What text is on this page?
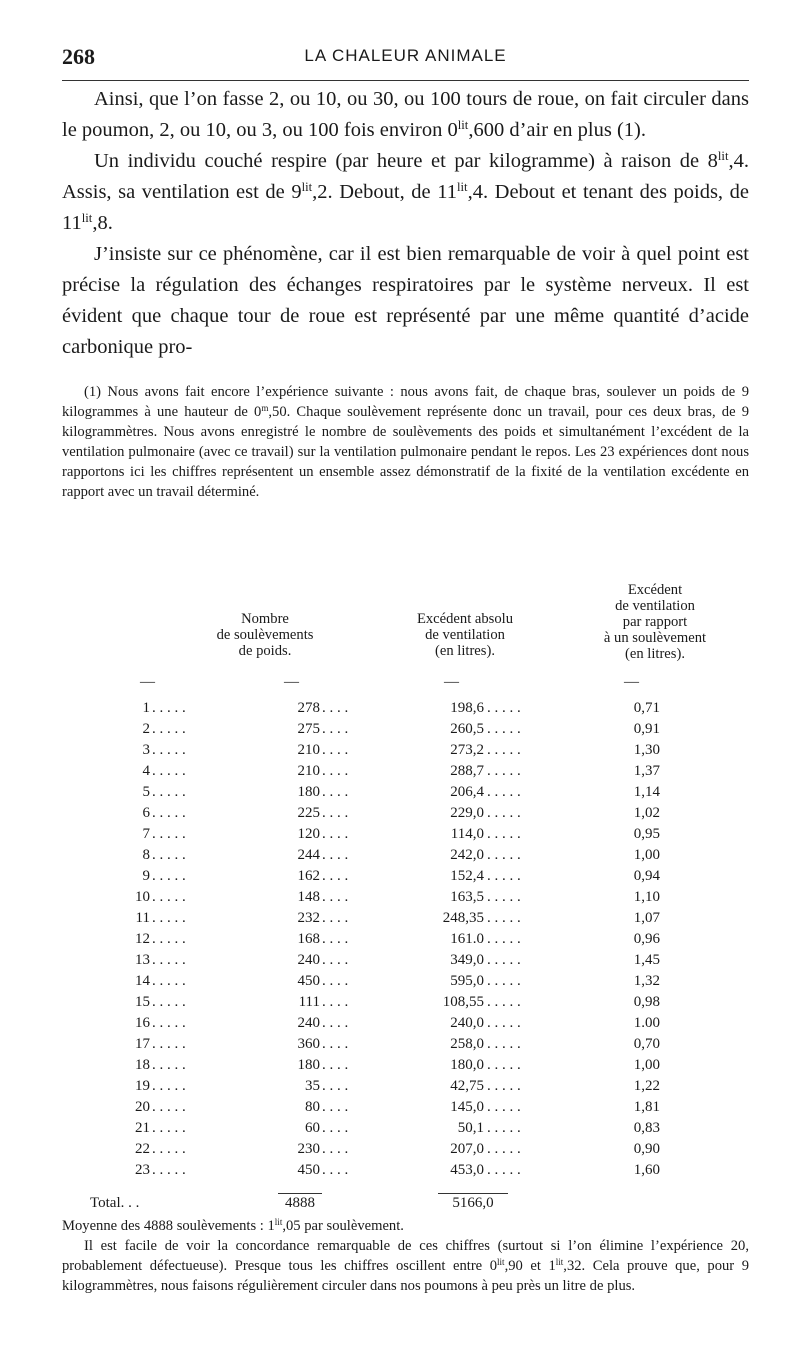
268	LA CHALEUR ANIMALE

Ainsi, que l’on fasse 2, ou 10, ou 30, ou 100 tours de roue, on fait circuler dans le poumon, 2, ou 10, ou 3, ou 100 fois environ $0^{lit},600$ d’air en plus (1).

Un individu couché respire (par heure et par kilogramme) à raison de $8^{lit},4$. Assis, sa ventilation est de $9^{lit},2$. Debout, de $11^{lit},4$. Debout et tenant des poids, de $11^{lit},8$.

J’insiste sur ce phénomène, car il est bien remarquable de voir à quel point est précise la régulation des échanges respiratoires par le système nerveux. Il est évident que chaque tour de roue est représenté par une même quantité d’acide carbonique pro-

(1) Nous avons fait encore l’expérience suivante : nous avons fait, de chaque bras, soulever un poids de 9 kilogrammes à une hauteur de 0$^m$,50. Chaque soulèvement représente donc un travail, pour ces deux bras, de 9 kilogrammètres. Nous avons enregistré le nombre de soulèvements des poids et simultanément l’excédent de la ventilation pulmonaire (avec ce travail) sur la ventilation pulmonaire pendant le repos. Les 23 expériences dont nous rapportons ici les chiffres représentent un ensemble assez démonstratif de la fixité de la ventilation excédente en rapport avec un travail déterminé.

Nombre
de soulèvements
de poids.
Excédent absolu
de ventilation
(en litres).
Excédent
de ventilation
par rapport
à un soulèvement
(en litres).
—	—	—	—
1 . . . . .	278 . . . .	198,6 . . . . .	0,71
2 . . . . .	275 . . . .	260,5 . . . . .	0,91
3 . . . . .	210 . . . .	273,2 . . . . .	1,30
4 . . . . .	210 . . . .	288,7 . . . . .	1,37
5 . . . . .	180 . . . .	206,4 . . . . .	1,14
6 . . . . .	225 . . . .	229,0 . . . . .	1,02
7 . . . . .	120 . . . .	114,0 . . . . .	0,95
8 . . . . .	244 . . . .	242,0 . . . . .	1,00
9 . . . . .	162 . . . .	152,4 . . . . .	0,94
10 . . . . .	148 . . . .	163,5 . . . . .	1,10
11 . . . . .	232 . . . .	248,35 . . . . .	1,07
12 . . . . .	168 . . . .	161.0 . . . . .	0,96
13 . . . . .	240 . . . .	349,0 . . . . .	1,45
14 . . . . .	450 . . . .	595,0 . . . . .	1,32
15 . . . . .	111 . . . .	108,55 . . . . .	0,98
16 . . . . .	240 . . . .	240,0 . . . . .	1.00
17 . . . . .	360 . . . .	258,0 . . . . .	0,70
18 . . . . .	180 . . . .	180,0 . . . . .	1,00
19 . . . . .	35 . . . .	42,75 . . . . .	1,22
20 . . . . .	80 . . . .	145,0 . . . . .	1,81
21 . . . . .	60 . . . .	50,1 . . . . .	0,83
22 . . . . .	230 . . . .	207,0 . . . . .	0,90
23 . . . . .	450 . . . .	453,0 . . . . .	1,60
Total. . .	4888	5166,0

Moyenne des 4888 soulèvements : $1^{lit},05$ par soulèvement.

Il est facile de voir la concordance remarquable de ces chiffres (surtout si l’on élimine l’expérience 20, probablement défectueuse). Presque tous les chiffres oscillent entre $0^{lit},90$ et $1^{lit},32$. Cela prouve que, pour 9 kilogrammètres, nous faisons régulièrement circuler dans nos poumons à peu près un litre de plus.
